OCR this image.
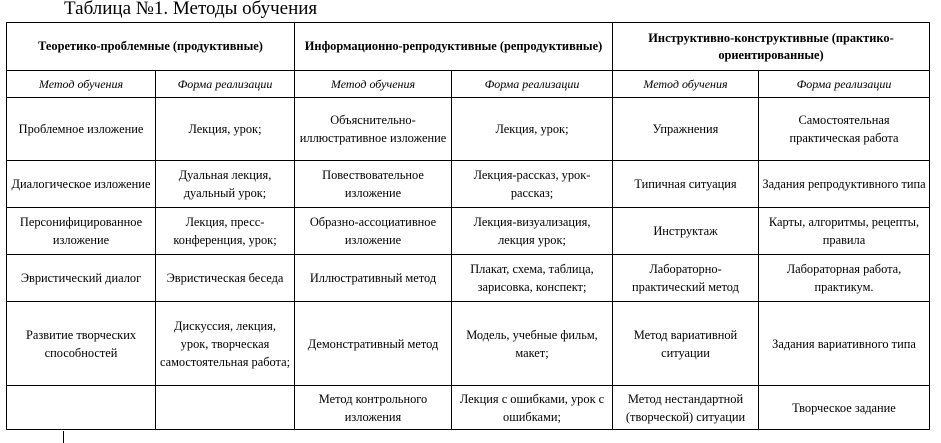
Таблица №1. Методы обучения
Теоретико-проблемные (продуктивные)		Информационно-репродуктивные (репродуктивные)		Инструктивно-конструктивные (практико-ориентированные)	
Метод обучения	Форма реализации	Метод обучения	Форма реализации	Метод обучения	Форма реализации
Проблемное изложение	Лекция, урок;	Объяснительно-иллюстративное изложение	Лекция, урок;	Упражнения	Самостоятельная практическая работа
Диалогическое изложение	Дуальная лекция, дуальный урок;	Повествовательное изложение	Лекция-рассказ, урок-рассказ;	Типичная ситуация	Задания репродуктивного типа
Персонифицированное изложение	Лекция, пресс-конференция, урок;	Образно-ассоциативное изложение	Лекция-визуализация, лекция урок;	Инструктаж	Карты, алгоритмы, рецепты, правила
Эвристический диалог	Эвристическая беседа	Иллюстративный метод	Плакат, схема, таблица, зарисовка, конспект;	Лабораторно-практический метод	Лабораторная работа, практикум.
Развитие творческих способностей	Дискуссия, лекция, урок, творческая самостоятельная работа;	Демонстративный метод	Модель, учебные фильм, макет;	Метод вариативной ситуации	Задания вариативного типа
		Метод контрольного изложения	Лекция с ошибками, урок с ошибками;	Метод нестандартной (творческой) ситуации	Творческое задание
